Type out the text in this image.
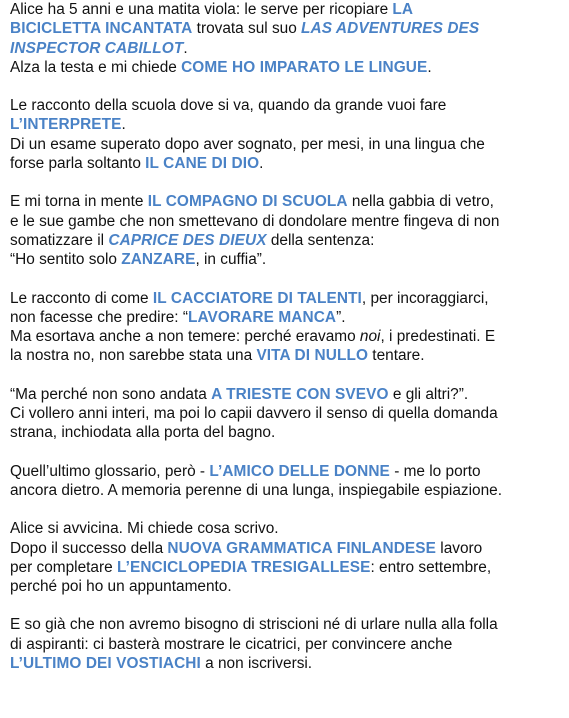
Alice ha 5 anni e una matita viola: le serve per ricopiare LA
BICICLETTA INCANTATA trovata sul suo LAS ADVENTURES DES
INSPECTOR CABILLOT.
Alza la testa e mi chiede COME HO IMPARATO LE LINGUE.
Le racconto della scuola dove si va, quando da grande vuoi fare
L’INTERPRETE.
Di un esame superato dopo aver sognato, per mesi, in una lingua che
forse parla soltanto IL CANE DI DIO.
E mi torna in mente IL COMPAGNO DI SCUOLA nella gabbia di vetro,
e le sue gambe che non smettevano di dondolare mentre fingeva di non
somatizzare il CAPRICE DES DIEUX della sentenza:
“Ho sentito solo ZANZARE, in cuffia”.
Le racconto di come IL CACCIATORE DI TALENTI, per incoraggiarci,
non facesse che predire: “LAVORARE MANCA”.
Ma esortava anche a non temere: perché eravamo noi, i predestinati. E
la nostra no, non sarebbe stata una VITA DI NULLO tentare.
“Ma perché non sono andata A TRIESTE CON SVEVO e gli altri?”.
Ci vollero anni interi, ma poi lo capii davvero il senso di quella domanda
strana, inchiodata alla porta del bagno.
Quell’ultimo glossario, però - L’AMICO DELLE DONNE - me lo porto
ancora dietro. A memoria perenne di una lunga, inspiegabile espiazione.
Alice si avvicina. Mi chiede cosa scrivo.
Dopo il successo della NUOVA GRAMMATICA FINLANDESE lavoro
per completare L’ENCICLOPEDIA TRESIGALLESE: entro settembre,
perché poi ho un appuntamento.
E so già che non avremo bisogno di striscioni né di urlare nulla alla folla
di aspiranti: ci basterà mostrare le cicatrici, per convincere anche
L’ULTIMO DEI VOSTIACHI a non iscriversi.
